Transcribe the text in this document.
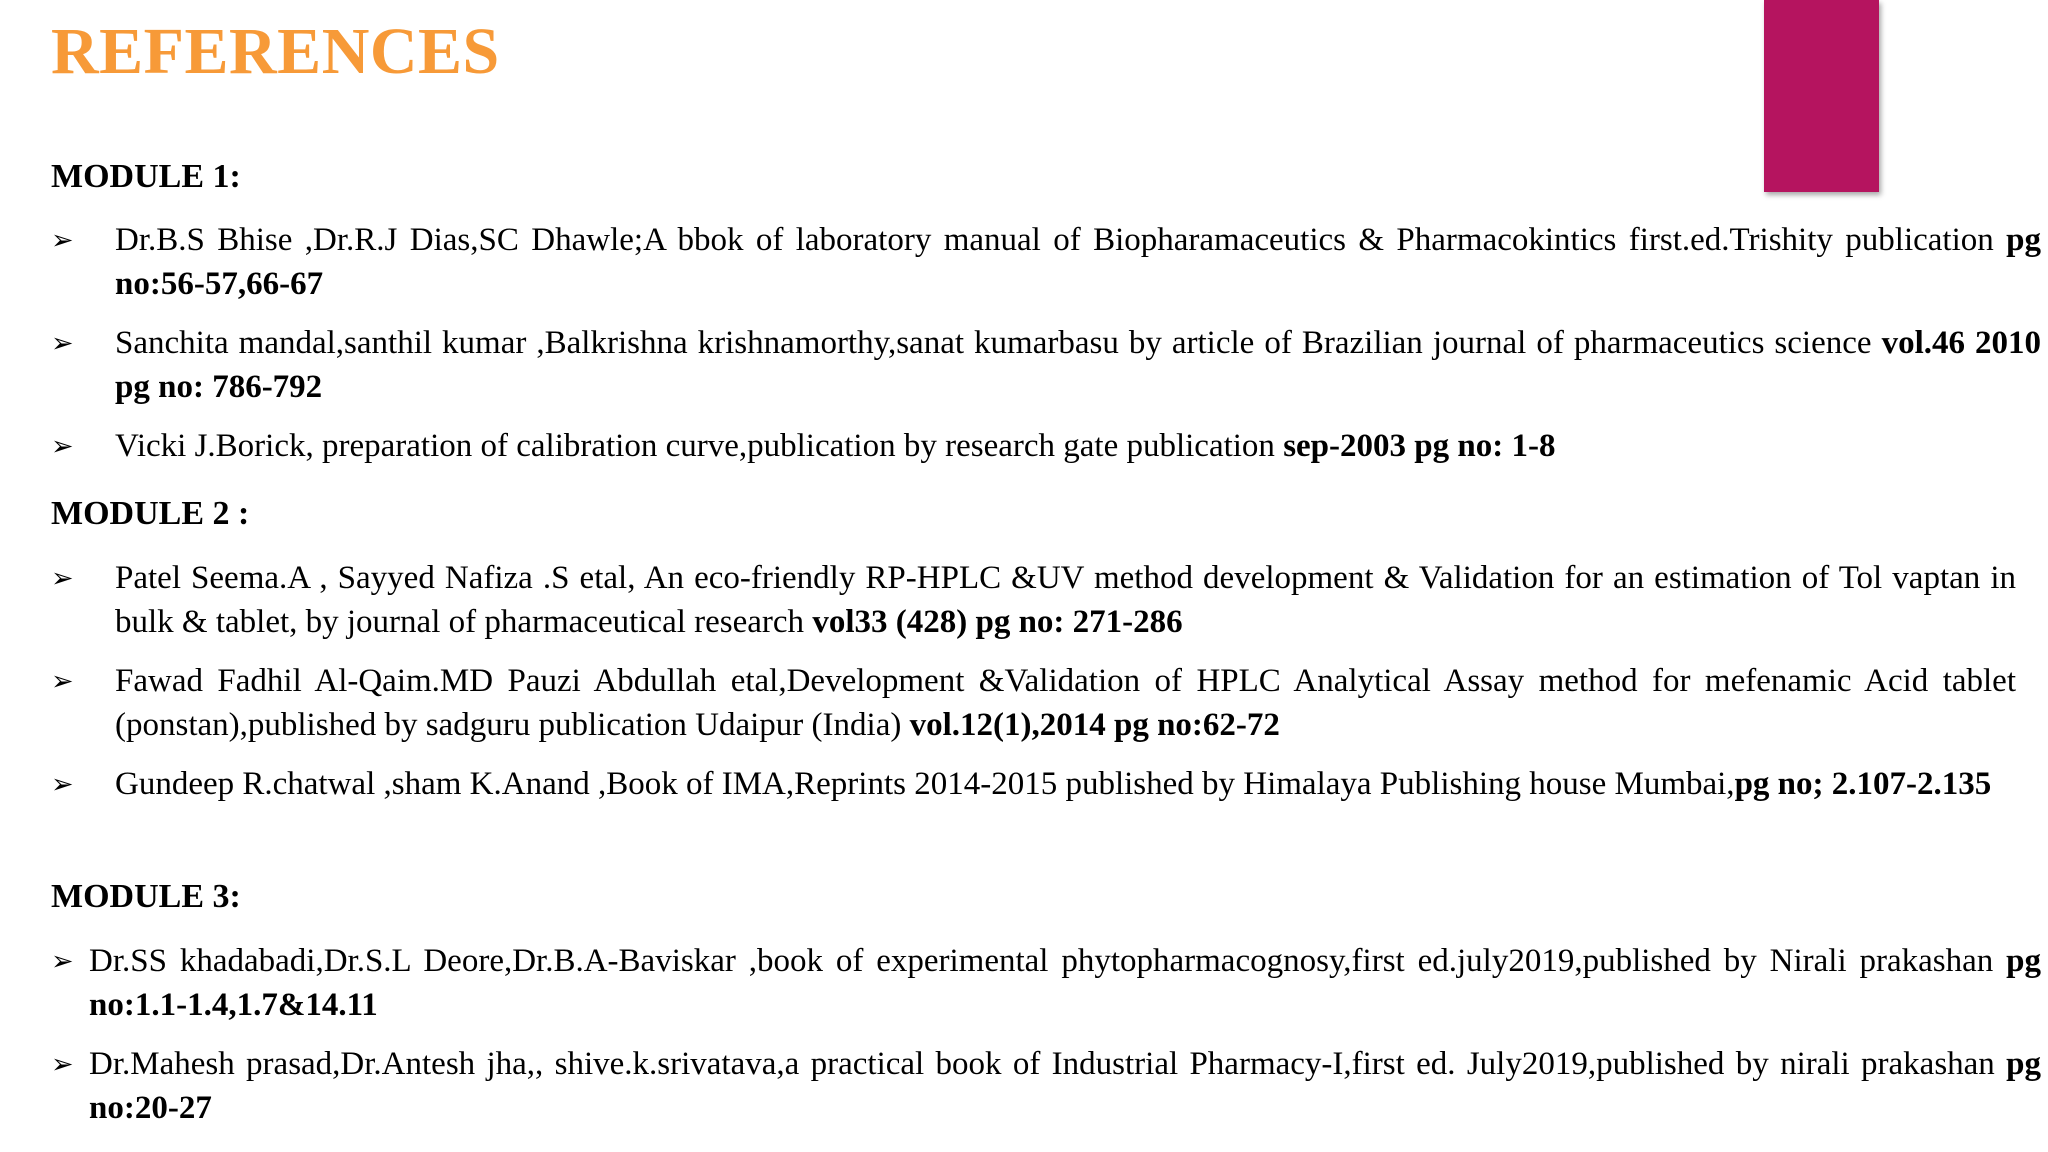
REFERENCES
MODULE 1:
➢	Dr.B.S Bhise ,Dr.R.J Dias,SC Dhawle;A bbok of laboratory manual of Biopharamaceutics & Pharmacokintics first.ed.Trishity publication pg no:56-57,66-67
➢	Sanchita mandal,santhil kumar ,Balkrishna krishnamorthy,sanat kumarbasu by article of Brazilian journal of pharmaceutics science vol.46 2010 pg no: 786-792
➢	Vicki J.Borick, preparation of calibration curve,publication by research gate publication sep-2003 pg no: 1-8
MODULE 2 :
➢	Patel Seema.A , Sayyed Nafiza .S etal, An eco-friendly RP-HPLC &UV method development & Validation for an estimation of Tol vaptan in bulk & tablet, by journal of pharmaceutical research vol33 (428) pg no: 271-286
➢	Fawad Fadhil Al-Qaim.MD Pauzi Abdullah etal,Development &Validation of HPLC Analytical Assay method for mefenamic Acid tablet (ponstan),published by sadguru publication Udaipur (India) vol.12(1),2014 pg no:62-72
➢	Gundeep R.chatwal ,sham K.Anand ,Book of IMA,Reprints 2014-2015 published by Himalaya Publishing house Mumbai,pg no; 2.107-2.135
MODULE 3:
➢ Dr.SS khadabadi,Dr.S.L Deore,Dr.B.A-Baviskar ,book of experimental phytopharmacognosy,first ed.july2019,published by Nirali prakashan pg no:1.1-1.4,1.7&14.11
➢ Dr.Mahesh prasad,Dr.Antesh jha,, shive.k.srivatava,a practical book of Industrial Pharmacy-I,first ed. July2019,published by nirali prakashan pg no:20-27
